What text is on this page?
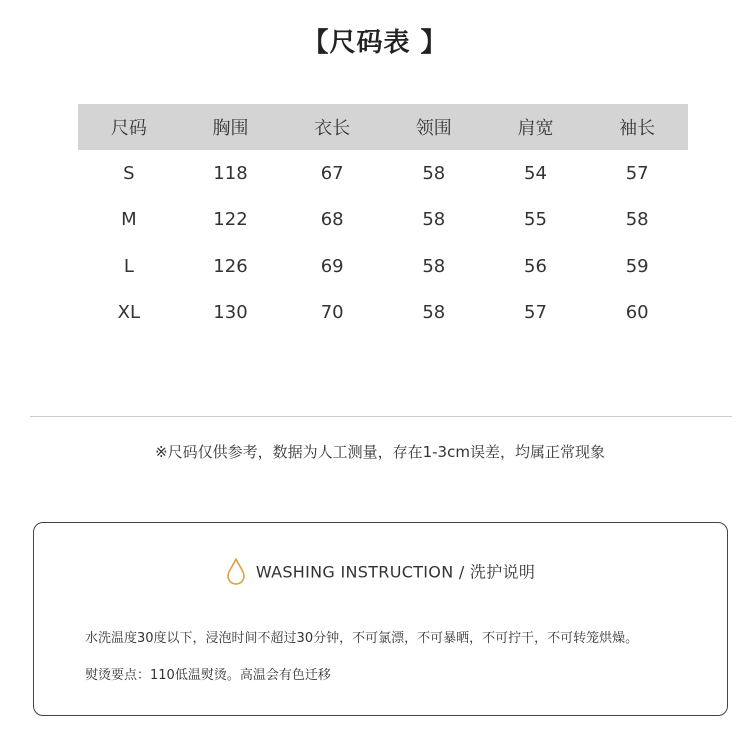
【尺码表 】
尺码	胸围	衣长	领围	肩宽	袖长
S	118	67	58	54	57
M	122	68	58	55	58
L	126	69	58	56	59
XL	130	70	58	57	60
※尺码仅供参考，数据为人工测量，存在1-3cm误差，均属正常现象
WASHING INSTRUCTION / 洗护说明
水洗温度30度以下，浸泡时间不超过30分钟，不可氯漂，不可暴晒，不可拧干，不可转笼烘燥。
熨烫要点：110低温熨烫。高温会有色迁移
